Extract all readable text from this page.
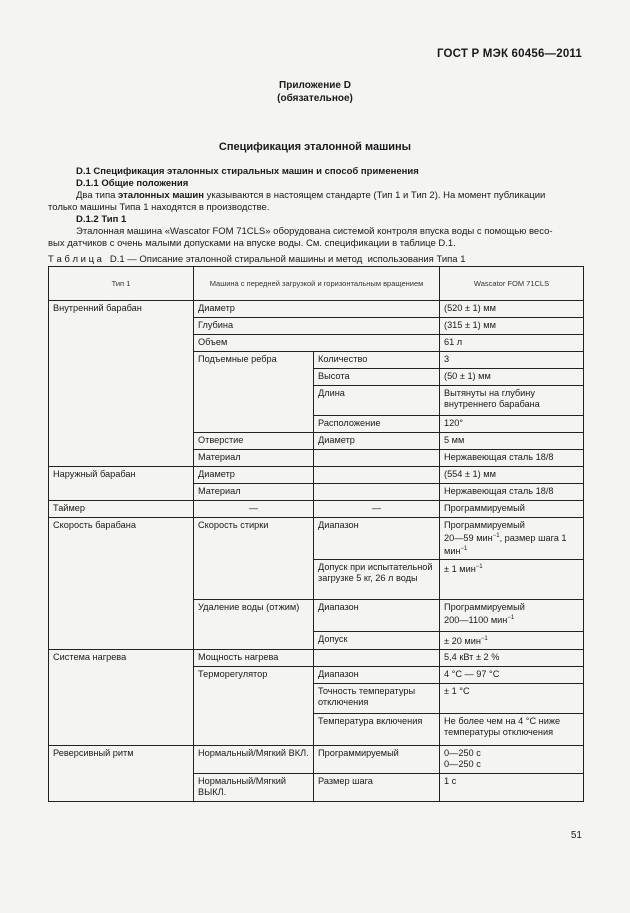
ГОСТ Р МЭК 60456—2011
Приложение D
(обязательное)
Спецификация эталонной машины
D.1 Спецификация эталонных стиральных машин и способ применения
D.1.1 Общие положения
Два типа эталонных машин указываются в настоящем стандарте (Тип 1 и Тип 2). На момент публикации
только машины Типа 1 находятся в производстве.
D.1.2 Тип 1
Эталонная машина «Wascator FOM 71CLS» оборудована системой контроля впуска воды с помощью весо-
вых датчиков с очень малыми допусками на впуске воды. См. спецификации в таблице D.1.
Т а б л и ц а   D.1 — Описание эталонной стиральной машины и метод  использования Типа 1
Тип 1	Машина с передней загрузкой и горизонтальным вращением		Wascator FOM 71CLS
Внутренний барабан	Диаметр		(520 ± 1) мм
	Глубина		(315 ± 1) мм
	Объем		61 л
	Подъемные ребра	Количество	3
		Высота	(50 ± 1) мм
		Длина	Вытянуты на глубину внутреннего барабана
		Расположение	120°
	Отверстие	Диаметр	5 мм
	Материал		Нержавеющая сталь 18/8
Наружный барабан	Диаметр		(554 ± 1) мм
	Материал		Нержавеющая сталь 18/8
Таймер	—	—	Программируемый
Скорость барабана	Скорость стирки	Диапазон	Программируемый
20—59 мин$^{-1}$, размер шага 1 мин$^{-1}$
		Допуск при испытательной загрузке 5 кг, 26 л воды	± 1 мин$^{-1}$
	Удаление воды (отжим)	Диапазон	Программируемый
200—1100 мин$^{-1}$
		Допуск	± 20 мин$^{-1}$
Система нагрева	Мощность нагрева		5,4 кВт ± 2 %
	Терморегулятор	Диапазон	4 °С — 97 °С
		Точность температуры отключения	± 1 °С
		Температура включения	Не более чем на 4 °С ниже температуры отключения
Реверсивный ритм	Нормальный/Мягкий ВКЛ.	Программируемый	0—250 с
0—250 с
	Нормальный/Мягкий ВЫКЛ.	Размер шага	1 с
51
